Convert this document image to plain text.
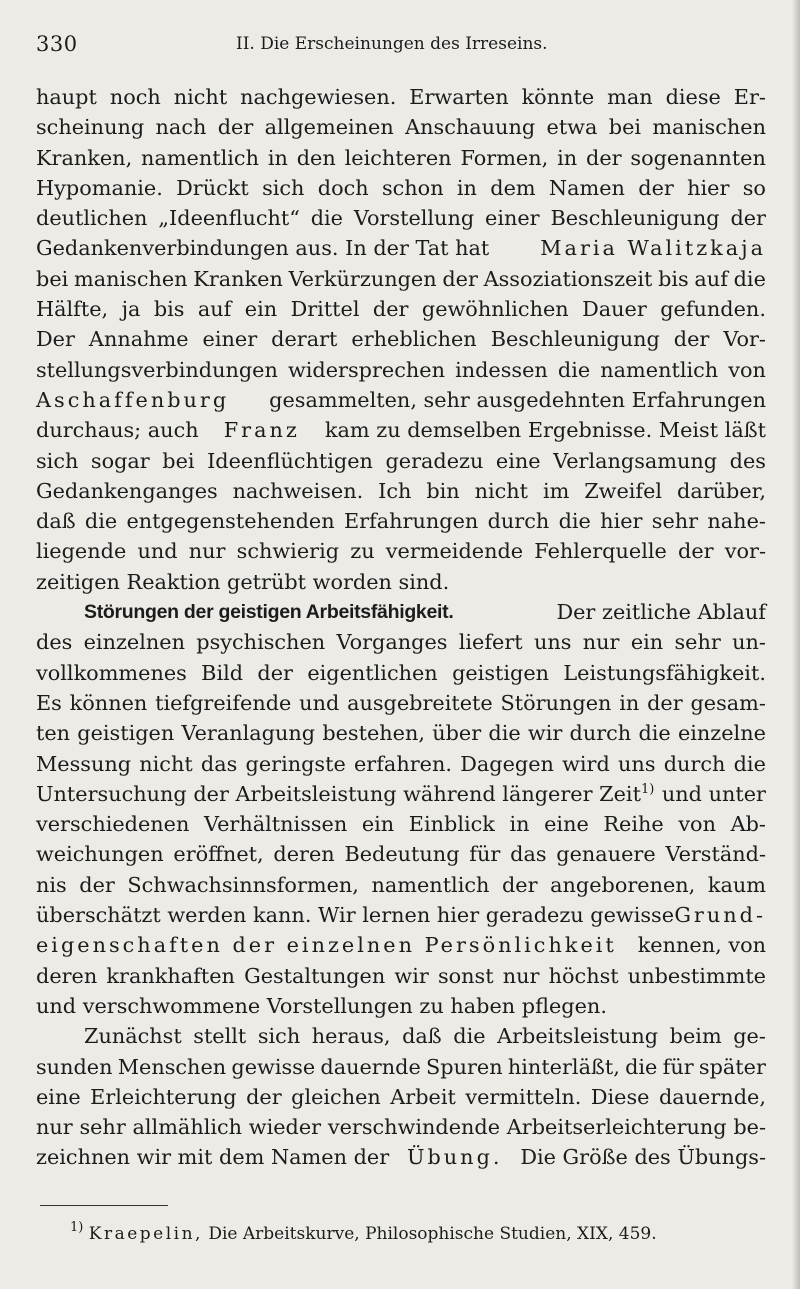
330	II. Die Erscheinungen des Irreseins.
haupt noch nicht nachgewiesen. Erwarten könnte man diese Er-
scheinung nach der allgemeinen Anschauung etwa bei manischen
Kranken, namentlich in den leichteren Formen, in der sogenannten
Hypomanie. Drückt sich doch schon in dem Namen der hier so
deutlichen „Ideenflucht“ die Vorstellung einer Beschleunigung der
Gedankenverbindungen aus. In der Tat hat Maria Walitzkaja
bei manischen Kranken Verkürzungen der Assoziationszeit bis auf die
Hälfte, ja bis auf ein Drittel der gewöhnlichen Dauer gefunden.
Der Annahme einer derart erheblichen Beschleunigung der Vor-
stellungsverbindungen widersprechen indessen die namentlich von
Aschaffenburg gesammelten, sehr ausgedehnten Erfahrungen
durchaus; auch Franz kam zu demselben Ergebnisse. Meist läßt
sich sogar bei Ideenflüchtigen geradezu eine Verlangsamung des
Gedankenganges nachweisen. Ich bin nicht im Zweifel darüber,
daß die entgegenstehenden Erfahrungen durch die hier sehr nahe-
liegende und nur schwierig zu vermeidende Fehlerquelle der vor-
zeitigen Reaktion getrübt worden sind.
Störungen der geistigen Arbeitsfähigkeit.	Der zeitliche Ablauf
des einzelnen psychischen Vorganges liefert uns nur ein sehr un-
vollkommenes Bild der eigentlichen geistigen Leistungsfähigkeit.
Es können tiefgreifende und ausgebreitete Störungen in der gesam-
ten geistigen Veranlagung bestehen, über die wir durch die einzelne
Messung nicht das geringste erfahren. Dagegen wird uns durch die
Untersuchung der Arbeitsleistung während längerer Zeit$^{1)}$ und unter
verschiedenen Verhältnissen ein Einblick in eine Reihe von Ab-
weichungen eröffnet, deren Bedeutung für das genauere Verständ-
nis der Schwachsinnsformen, namentlich der angeborenen, kaum
überschätzt werden kann. Wir lernen hier geradezu gewisse Grund-
eigenschaften der einzelnen Persönlichkeit kennen, von
deren krankhaften Gestaltungen wir sonst nur höchst unbestimmte
und verschwommene Vorstellungen zu haben pflegen.
Zunächst stellt sich heraus, daß die Arbeitsleistung beim ge-
sunden Menschen gewisse dauernde Spuren hinterläßt, die für später
eine Erleichterung der gleichen Arbeit vermitteln. Diese dauernde,
nur sehr allmählich wieder verschwindende Arbeitserleichterung be-
zeichnen wir mit dem Namen der Übung. Die Größe des Übungs-
$^{1)}$ Kraepelin, Die Arbeitskurve, Philosophische Studien, XIX, 459.
